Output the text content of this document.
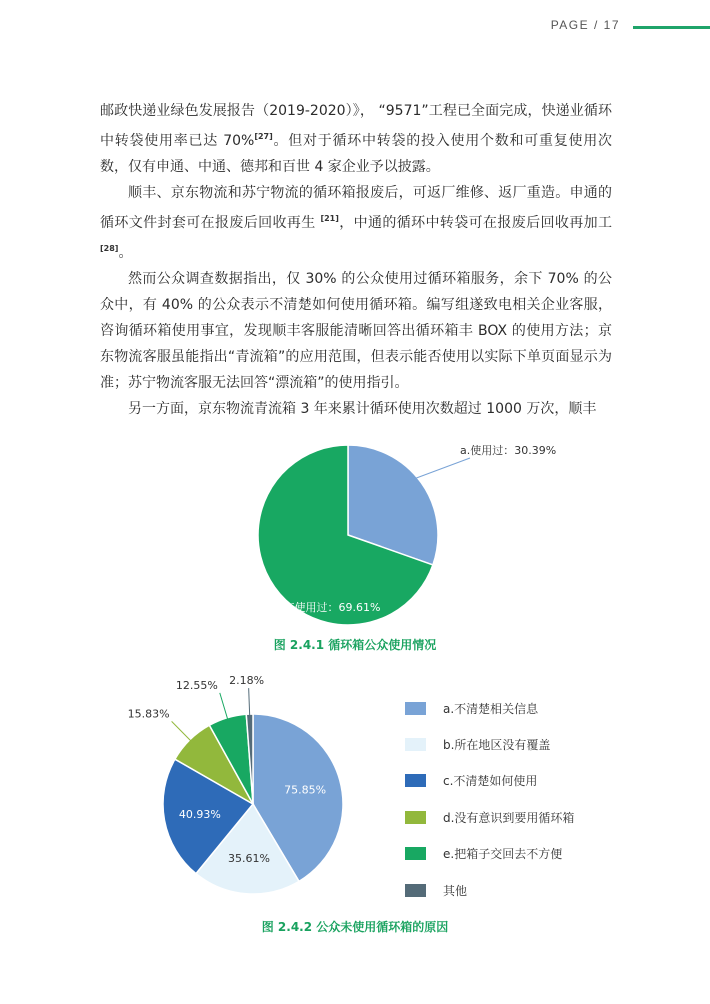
PAGE / 17

邮政快递业绿色发展报告（2019-2020）》， “9571”工程已全面完成，快递业循环中转袋使用率已达 70%[27]。但对于循环中转袋的投入使用个数和可重复使用次数，仅有申通、中通、德邦和百世 4 家企业予以披露。

顺丰、京东物流和苏宁物流的循环箱报废后，可返厂维修、返厂重造。申通的循环文件封套可在报废后回收再生 [21]，中通的循环中转袋可在报废后回收再加工 [28]。

然而公众调查数据指出，仅 30% 的公众使用过循环箱服务，余下 70% 的公众中，有 40% 的公众表示不清楚如何使用循环箱。编写组遂致电相关企业客服，咨询循环箱使用事宜，发现顺丰客服能清晰回答出循环箱丰 BOX 的使用方法；京东物流客服虽能指出“青流箱”的应用范围，但表示能否使用以实际下单页面显示为准；苏宁物流客服无法回答“漂流箱”的使用指引。

另一方面，京东物流青流箱 3 年来累计循环使用次数超过 1000 万次，顺丰

a.使用过：30.39%
b.没有使用过：69.61%
图 2.4.1 循环箱公众使用情况
75.85%
35.61%
40.93%
15.83%
12.55% 2.18%
a.不清楚相关信息
b.所在地区没有覆盖
c.不清楚如何使用
d.没有意识到要用循环箱
e.把箱子交回去不方便
其他
图 2.4.2 公众未使用循环箱的原因
